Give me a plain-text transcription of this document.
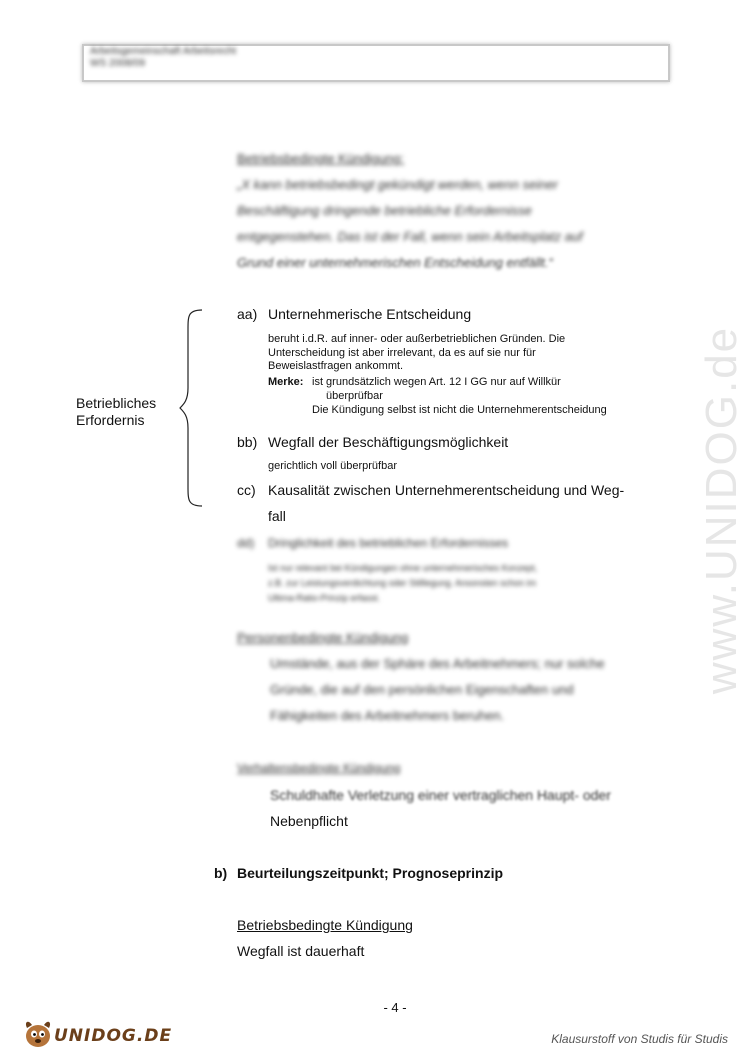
Arbeitsgemeinschaft Arbeitsrecht
WS 2008/09
www.UNIDOG.de
Betriebsbedingte Kündigung:
„X kann betriebsbedingt gekündigt werden, wenn seiner
Beschäftigung dringende betriebliche Erfordernisse
entgegenstehen. Das ist der Fall, wenn sein Arbeitsplatz auf
Grund einer unternehmerischen Entscheidung entfällt.“
Betriebliches
Erfordernis
aa) Unternehmerische Entscheidung
beruht i.d.R. auf inner- oder außerbetrieblichen Gründen. Die
Unterscheidung ist aber irrelevant, da es auf sie nur für
Beweislastfragen ankommt.
Merke: ist grundsätzlich wegen Art. 12 I GG nur auf Willkür
überprüfbar
Die Kündigung selbst ist nicht die Unternehmerentscheidung
bb) Wegfall der Beschäftigungsmöglichkeit
gerichtlich voll überprüfbar
cc) Kausalität zwischen Unternehmerentscheidung und Weg-
fall
dd) Dringlichkeit des betrieblichen Erfordernisses
Ist nur relevant bei Kündigungen ohne unternehmerisches Konzept,
z.B. zur Leistungsverdichtung oder Stilllegung. Ansonsten schon im
Ultima-Ratio-Prinzip erfasst.
Personenbedingte Kündigung
Umstände, aus der Sphäre des Arbeitnehmers; nur solche
Gründe, die auf den persönlichen Eigenschaften und
Fähigkeiten des Arbeitnehmers beruhen.
Verhaltensbedingte Kündigung
Schuldhafte Verletzung einer vertraglichen Haupt- oder
Nebenpflicht
b) Beurteilungszeitpunkt; Prognoseprinzip
Betriebsbedingte Kündigung
Wegfall ist dauerhaft
- 4 -
UNIDOG.DE	Klausurstoff von Studis für Studis
